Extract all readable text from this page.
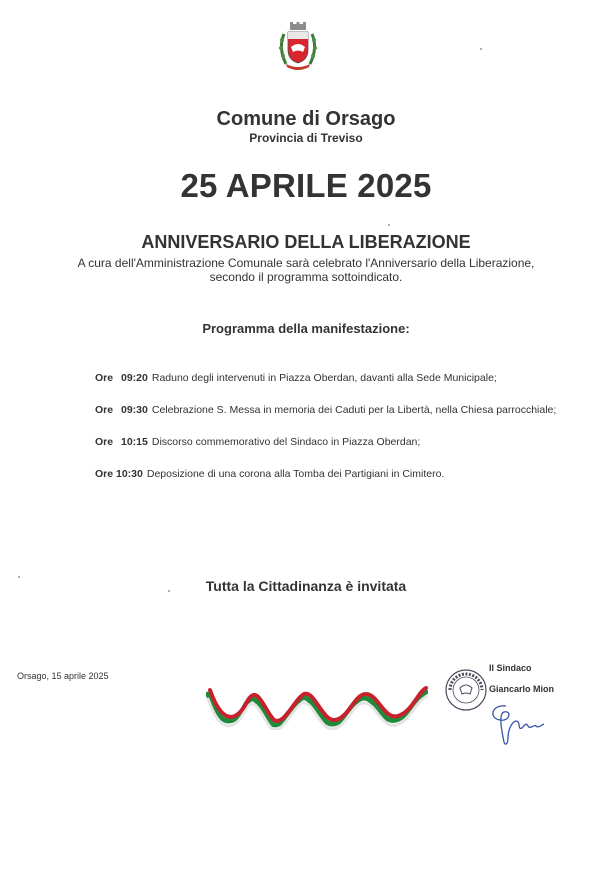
Comune di Orsago
Provincia di Treviso
25 APRILE 2025
ANNIVERSARIO DELLA LIBERAZIONE
A cura dell'Amministrazione Comunale sarà celebrato l'Anniversario della Liberazione,
secondo il programma sottoindicato.
Programma della manifestazione:
Ore 09:20 Raduno degli intervenuti in Piazza Oberdan, davanti alla Sede Municipale;
Ore 09:30 Celebrazione S. Messa in memoria dei Caduti per la Libertà, nella Chiesa parrocchiale;
Ore 10:15 Discorso commemorativo del Sindaco in Piazza Oberdan;
Ore 10:30 Deposizione di una corona alla Tomba dei Partigiani in Cimitero.
Tutta la Cittadinanza è invitata
Orsago, 15 aprile 2025
Il Sindaco
Giancarlo Mion
